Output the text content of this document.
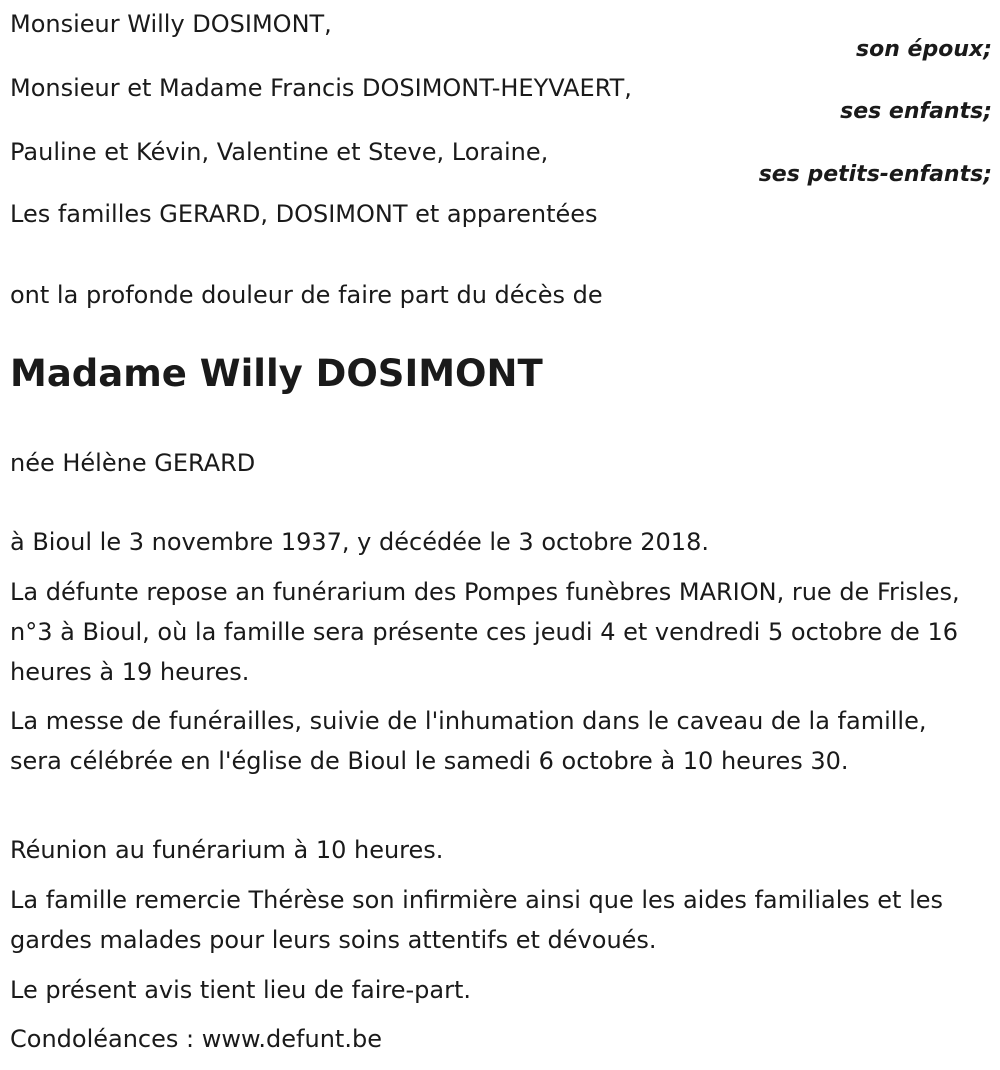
Monsieur Willy DOSIMONT,
son époux;
Monsieur et Madame Francis DOSIMONT-HEYVAERT,
ses enfants;
Pauline et Kévin, Valentine et Steve, Loraine,
ses petits-enfants;
Les familles GERARD, DOSIMONT et apparentées
ont la profonde douleur de faire part du décès de
Madame Willy DOSIMONT
née Hélène GERARD
à Bioul le 3 novembre 1937, y décédée le 3 octobre 2018.
La défunte repose an funérarium des Pompes funèbres MARION, rue de Frisles, n°3 à Bioul, où la famille sera présente ces jeudi 4 et vendredi 5 octobre de 16 heures à 19 heures.
La messe de funérailles, suivie de l'inhumation dans le caveau de la famille, sera célébrée en l'église de Bioul le samedi 6 octobre à 10 heures 30.
Réunion au funérarium à 10 heures.
La famille remercie Thérèse son infirmière ainsi que les aides familiales et les gardes malades pour leurs soins attentifs et dévoués.
Le présent avis tient lieu de faire-part.
Condoléances : www.defunt.be
